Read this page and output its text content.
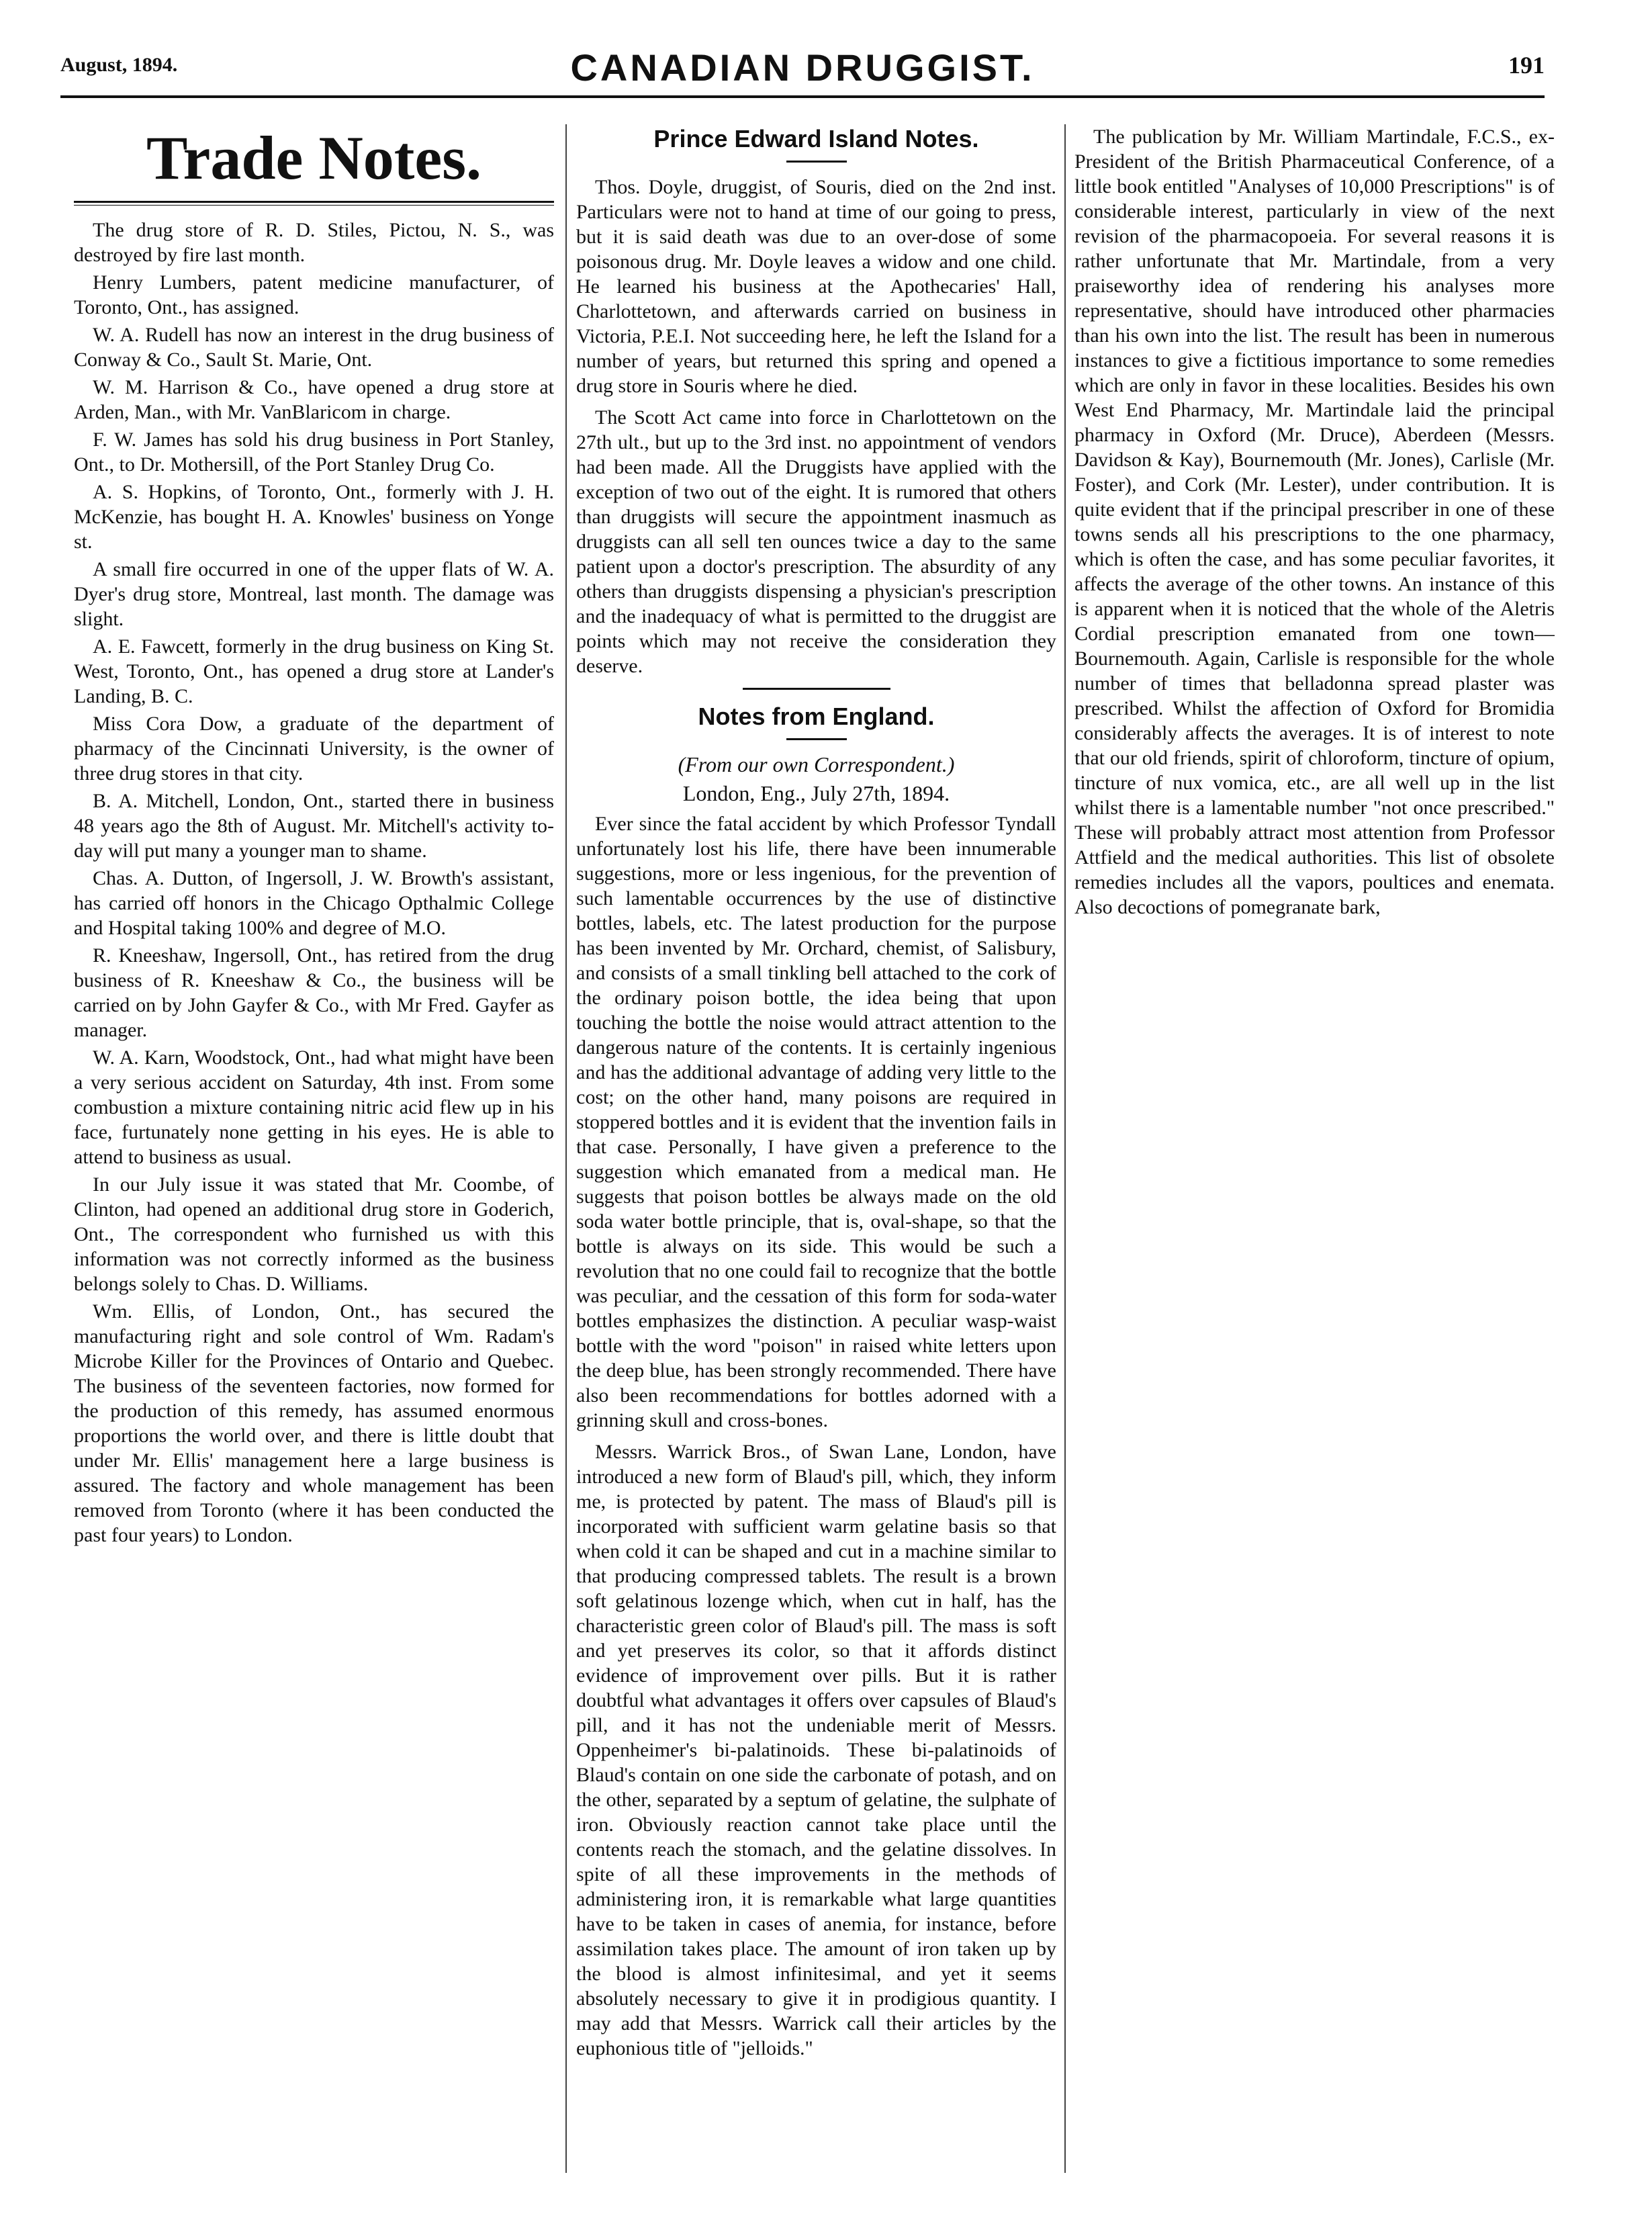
August, 1894.	CANADIAN DRUGGIST.	191
Trade Notes.

The drug store of R. D. Stiles, Pictou, N. S., was destroyed by fire last month.

Henry Lumbers, patent medicine manufacturer, of Toronto, Ont., has assigned.

W. A. Rudell has now an interest in the drug business of Conway & Co., Sault St. Marie, Ont.

W. M. Harrison & Co., have opened a drug store at Arden, Man., with Mr. VanBlaricom in charge.

F. W. James has sold his drug business in Port Stanley, Ont., to Dr. Mothersill, of the Port Stanley Drug Co.

A. S. Hopkins, of Toronto, Ont., formerly with J. H. McKenzie, has bought H. A. Knowles' business on Yonge st.

A small fire occurred in one of the upper flats of W. A. Dyer's drug store, Montreal, last month. The damage was slight.

A. E. Fawcett, formerly in the drug business on King St. West, Toronto, Ont., has opened a drug store at Lander's Landing, B. C.

Miss Cora Dow, a graduate of the department of pharmacy of the Cincinnati University, is the owner of three drug stores in that city.

B. A. Mitchell, London, Ont., started there in business 48 years ago the 8th of August. Mr. Mitchell's activity to-day will put many a younger man to shame.

Chas. A. Dutton, of Ingersoll, J. W. Browth's assistant, has carried off honors in the Chicago Opthalmic College and Hospital taking 100% and degree of M.O.

R. Kneeshaw, Ingersoll, Ont., has retired from the drug business of R. Kneeshaw & Co., the business will be carried on by John Gayfer & Co., with Mr Fred. Gayfer as manager.

W. A. Karn, Woodstock, Ont., had what might have been a very serious accident on Saturday, 4th inst. From some combustion a mixture containing nitric acid flew up in his face, furtunately none getting in his eyes. He is able to attend to business as usual.

In our July issue it was stated that Mr. Coombe, of Clinton, had opened an additional drug store in Goderich, Ont., The correspondent who furnished us with this information was not correctly informed as the business belongs solely to Chas. D. Williams.

Wm. Ellis, of London, Ont., has secured the manufacturing right and sole control of Wm. Radam's Microbe Killer for the Provinces of Ontario and Quebec. The business of the seventeen factories, now formed for the production of this remedy, has assumed enormous proportions the world over, and there is little doubt that under Mr. Ellis' management here a large business is assured. The factory and whole management has been removed from Toronto (where it has been conducted the past four years) to London.

Prince Edward Island Notes.

Thos. Doyle, druggist, of Souris, died on the 2nd inst. Particulars were not to hand at time of our going to press, but it is said death was due to an over-dose of some poisonous drug. Mr. Doyle leaves a widow and one child. He learned his business at the Apothecaries' Hall, Charlottetown, and afterwards carried on business in Victoria, P.E.I. Not succeeding here, he left the Island for a number of years, but returned this spring and opened a drug store in Souris where he died.

The Scott Act came into force in Charlottetown on the 27th ult., but up to the 3rd inst. no appointment of vendors had been made. All the Druggists have applied with the exception of two out of the eight. It is rumored that others than druggists will secure the appointment inasmuch as druggists can all sell ten ounces twice a day to the same patient upon a doctor's prescription. The absurdity of any others than druggists dispensing a physician's prescription and the inadequacy of what is permitted to the druggist are points which may not receive the consideration they deserve.

Notes from England.
(From our own Correspondent.)
London, Eng., July 27th, 1894.

Ever since the fatal accident by which Professor Tyndall unfortunately lost his life, there have been innumerable suggestions, more or less ingenious, for the prevention of such lamentable occurrences by the use of distinctive bottles, labels, etc. The latest production for the purpose has been invented by Mr. Orchard, chemist, of Salisbury, and consists of a small tinkling bell attached to the cork of the ordinary poison bottle, the idea being that upon touching the bottle the noise would attract attention to the dangerous nature of the contents. It is certainly ingenious and has the additional advantage of adding very little to the cost; on the other hand, many poisons are required in stoppered bottles and it is evident that the invention fails in that case. Personally, I have given a preference to the suggestion which emanated from a medical man. He suggests that poison bottles be always made on the old soda water bottle principle, that is, oval-shape, so that the bottle is always on its side. This would be such a revolution that no one could fail to recognize that the bottle was peculiar, and the cessation of this form for soda-water bottles emphasizes the distinction. A peculiar wasp-waist bottle with the word "poison" in raised white letters upon the deep blue, has been strongly recommended. There have also been recommendations for bottles adorned with a grinning skull and cross-bones.

Messrs. Warrick Bros., of Swan Lane, London, have introduced a new form of Blaud's pill, which, they inform me, is protected by patent. The mass of Blaud's pill is incorporated with sufficient warm gelatine basis so that when cold it can be shaped and cut in a machine similar to that producing compressed tablets. The result is a brown soft gelatinous lozenge which, when cut in half, has the characteristic green color of Blaud's pill. The mass is soft and yet preserves its color, so that it affords distinct evidence of improvement over pills. But it is rather doubtful what advantages it offers over capsules of Blaud's pill, and it has not the undeniable merit of Messrs. Oppenheimer's bi-palatinoids. These bi-palatinoids of Blaud's contain on one side the carbonate of potash, and on the other, separated by a septum of gelatine, the sulphate of iron. Obviously reaction cannot take place until the contents reach the stomach, and the gelatine dissolves. In spite of all these improvements in the methods of administering iron, it is remarkable what large quantities have to be taken in cases of anemia, for instance, before assimilation takes place. The amount of iron taken up by the blood is almost infinitesimal, and yet it seems absolutely necessary to give it in prodigious quantity. I may add that Messrs. Warrick call their articles by the euphonious title of "jelloids."

The publication by Mr. William Martindale, F.C.S., ex-President of the British Pharmaceutical Conference, of a little book entitled "Analyses of 10,000 Prescriptions" is of considerable interest, particularly in view of the next revision of the pharmacopoeia. For several reasons it is rather unfortunate that Mr. Martindale, from a very praiseworthy idea of rendering his analyses more representative, should have introduced other pharmacies than his own into the list. The result has been in numerous instances to give a fictitious importance to some remedies which are only in favor in these localities. Besides his own West End Pharmacy, Mr. Martindale laid the principal pharmacy in Oxford (Mr. Druce), Aberdeen (Messrs. Davidson & Kay), Bournemouth (Mr. Jones), Carlisle (Mr. Foster), and Cork (Mr. Lester), under contribution. It is quite evident that if the principal prescriber in one of these towns sends all his prescriptions to the one pharmacy, which is often the case, and has some peculiar favorites, it affects the average of the other towns. An instance of this is apparent when it is noticed that the whole of the Aletris Cordial prescription emanated from one town—Bournemouth. Again, Carlisle is responsible for the whole number of times that belladonna spread plaster was prescribed. Whilst the affection of Oxford for Bromidia considerably affects the averages. It is of interest to note that our old friends, spirit of chloroform, tincture of opium, tincture of nux vomica, etc., are all well up in the list whilst there is a lamentable number "not once prescribed." These will probably attract most attention from Professor Attfield and the medical authorities. This list of obsolete remedies includes all the vapors, poultices and enemata. Also decoctions of pomegranate bark,
